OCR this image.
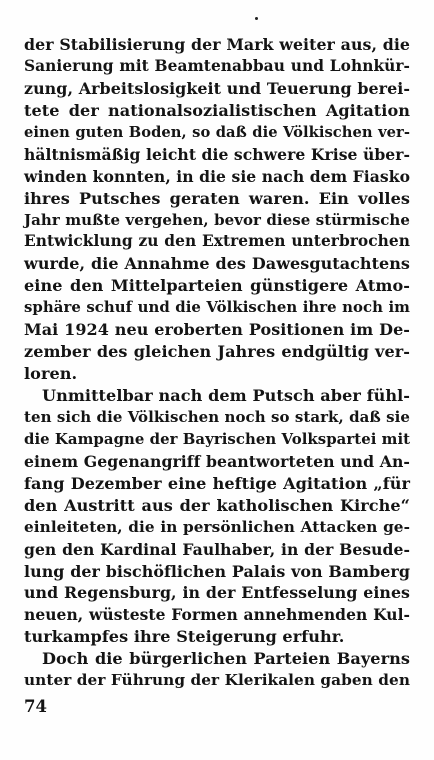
der Stabilisierung der Mark weiter aus, die
Sanierung mit Beamtenabbau und Lohnkür-
zung, Arbeitslosigkeit und Teuerung berei-
tete der nationalsozialistischen Agitation
einen guten Boden, so daß die Völkischen ver-
hältnismäßig leicht die schwere Krise über-
winden konnten, in die sie nach dem Fiasko
ihres Putsches geraten waren. Ein volles
Jahr mußte vergehen, bevor diese stürmische
Entwicklung zu den Extremen unterbrochen
wurde, die Annahme des Dawesgutachtens
eine den Mittelparteien günstigere Atmo-
sphäre schuf und die Völkischen ihre noch im
Mai 1924 neu eroberten Positionen im De-
zember des gleichen Jahres endgültig ver-
loren.
Unmittelbar nach dem Putsch aber fühl-
ten sich die Völkischen noch so stark, daß sie
die Kampagne der Bayrischen Volkspartei mit
einem Gegenangriff beantworteten und An-
fang Dezember eine heftige Agitation „für
den Austritt aus der katholischen Kirche“
einleiteten, die in persönlichen Attacken ge-
gen den Kardinal Faulhaber, in der Besude-
lung der bischöflichen Palais von Bamberg
und Regensburg, in der Entfesselung eines
neuen, wüsteste Formen annehmenden Kul-
turkampfes ihre Steigerung erfuhr.
Doch die bürgerlichen Parteien Bayerns
unter der Führung der Klerikalen gaben den
74
